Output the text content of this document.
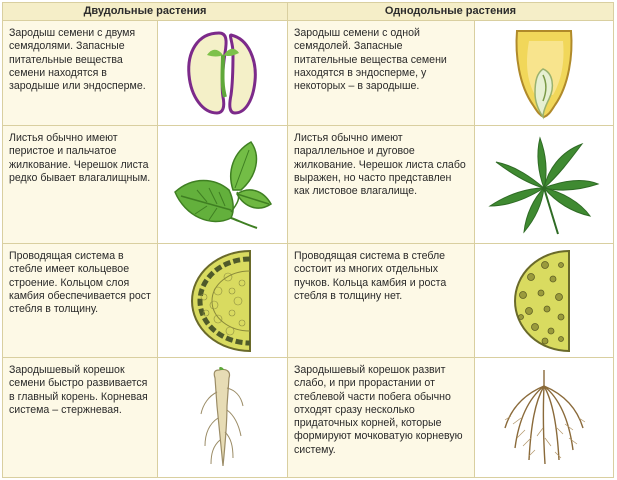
Двудольные растения		Однодольные растения	

Зародыш семени с двумя семядолями. Запасные питательные вещества семени находятся в зародыше или эндосперме.		Зародыш семени с одной семядолей. Запасные питательные вещества семени находятся в эндосперме, у некоторых – в зародыше.	

Листья обычно имеют перистое и пальчатое жилкование. Черешок листа редко бывает влагалищным.		Листья обычно имеют параллельное и дуговое жилкование. Черешок листа слабо выражен, но часто представлен как листовое влагалище.	

Проводящая система в стебле имеет кольцевое строение. Кольцом слоя камбия обеспечивается рост стебля в толщину.		Проводящая система в стебле состоит из многих отдельных пучков. Кольца камбия и роста стебля в толщину нет.	

Зародышевый корешок семени быстро развивается в главный корень. Корневая система – стержневая.		Зародышевый корешок развит слабо, и при прорастании от стеблевой части побега обычно отходят сразу несколько придаточных корней, которые формируют мочковатую корневую систему.	
